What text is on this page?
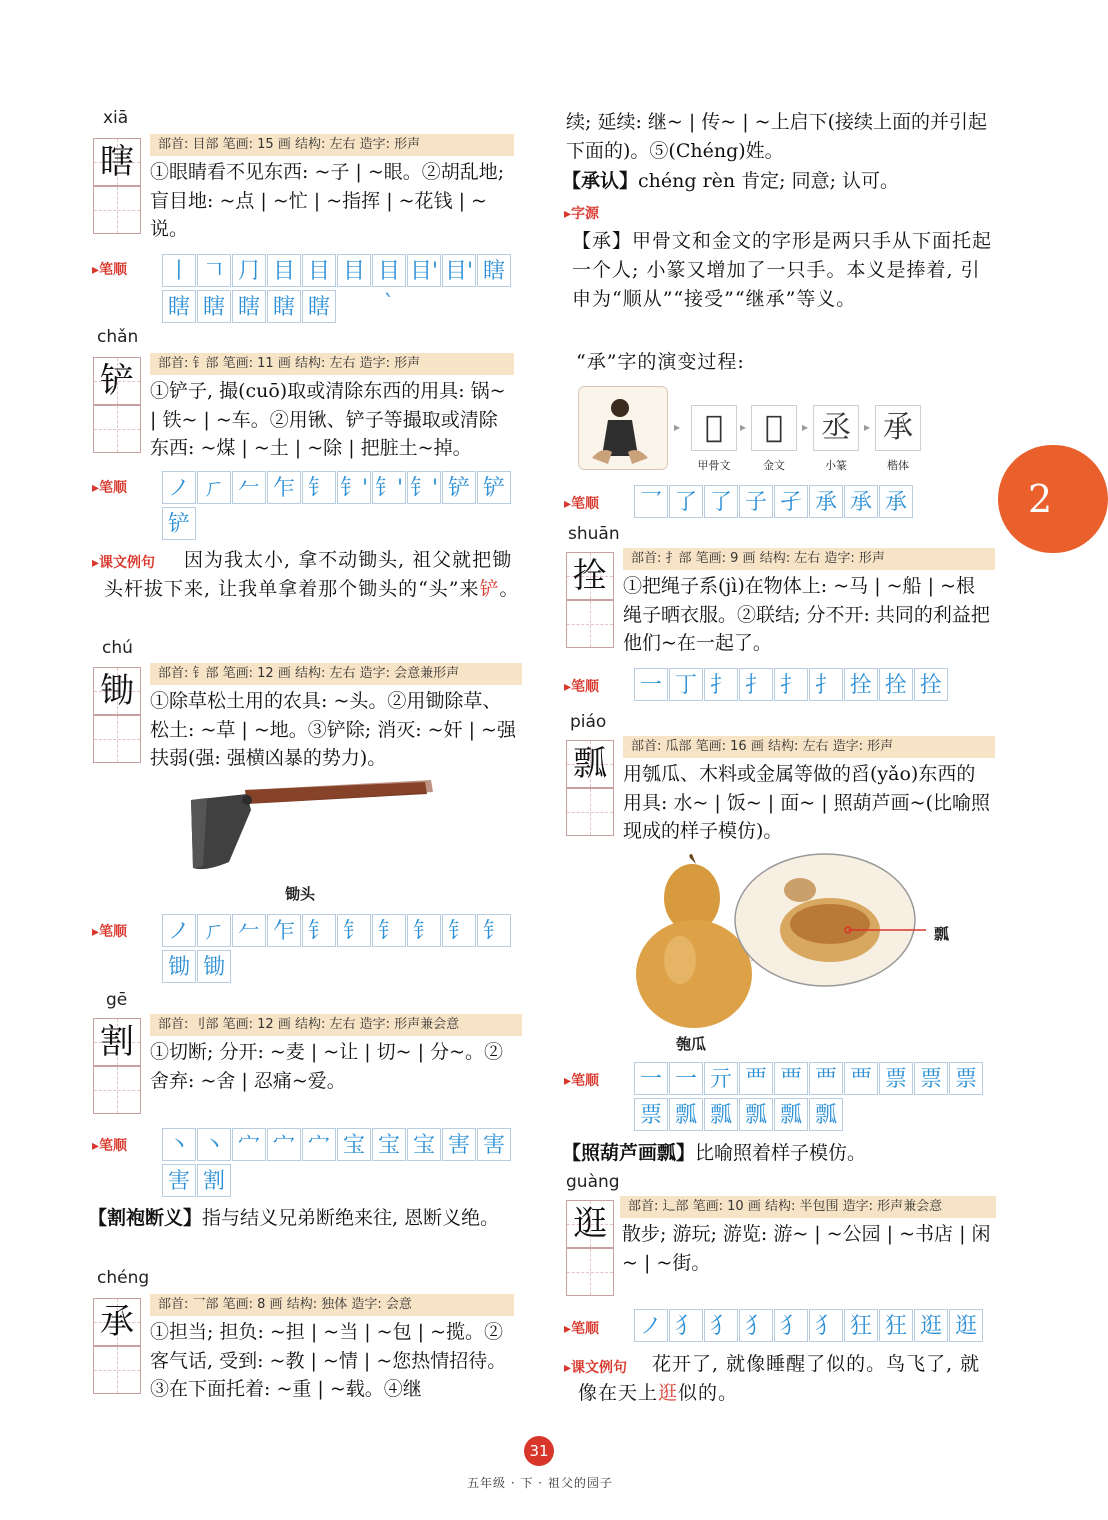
xiā
瞎	部首: 目部 笔画: 15 画 结构: 左右 造字: 形声
①眼睛看不见东西: ~子 | ~眼。②胡乱地; 盲目地: ~点 | ~忙 | ~指挥 | ~花钱 | ~说。
▸笔顺 丨 𠃍 ⺆ 目 目 目 目`
目' 目' 瞎
瞎 瞎 瞎 瞎 瞎
chǎn
铲	部首: 钅部 笔画: 11 画 结构: 左右 造字: 形声
①铲子, 撮(cuō)取或清除东西的用具: 锅~ | 铁~ | ~车。②用锹、铲子等撮取或清除东西: ~煤 | ~土 | ~除 | 把脏土~掉。
▸笔顺 ノ ㄏ 𠂉 乍 钅 钅' 钅' 钅' 铲 铲
铲
▸课文例句	因为我太小, 拿不动锄头, 祖父就把锄头杆拔下来, 让我单拿着那个锄头的“头”来铲。
chú
锄	部首: 钅部 笔画: 12 画 结构: 左右 造字: 会意兼形声
①除草松土用的农具: ~头。②用锄除草、松土: ~草 | ~地。③铲除; 消灭: ~奸 | ~强扶弱(强: 强横凶暴的势力)。
锄头
▸笔顺 ノ ㄏ 𠂉 乍 钅 钅 钅 钅 钅 钅
锄 锄
gē
割	部首: 刂部 笔画: 12 画 结构: 左右 造字: 形声兼会意
①切断; 分开: ~麦 | ~让 | 切~ | 分~。②舍弃: ~舍 | 忍痛~爱。
▸笔顺 丶 丶 宀 宀 宀 宝 宝 宝 害 害
害 割
【割袍断义】指与结义兄弟断绝来往, 恩断义绝。
chéng
承	部首: 乛部 笔画: 8 画 结构: 独体 造字: 会意
①担当; 担负: ~担 | ~当 | ~包 | ~揽。②客气话, 受到: ~教 | ~情 | ~您热情招待。③在下面托着: ~重 | ~载。④继
续; 延续: 继~ | 传~ | ~上启下(接续上面的并引起下面的)。⑤(Chéng)姓。
【承认】chéng rèn 肯定; 同意; 认可。
▸字源
【承】甲骨文和金文的字形是两只手从下面托起一个人; 小篆又增加了一只手。本义是捧着, 引申为“顺从”“接受”“继承”等义。
“承”字的演变过程:
▸ 𡦦
甲骨文
▸ 𡦦
金文
▸ 丞
小篆
▸ 承
楷体
▸笔顺 乛 了 了 子 孑 承 承 承
shuān
拴	部首: 扌部 笔画: 9 画 结构: 左右 造字: 形声
①把绳子系(jì)在物体上: ~马 | ~船 | ~根绳子晒衣服。②联结; 分不开: 共同的利益把他们~在一起了。
▸笔顺 一 丁 扌 扌 扌 扌 拴 拴 拴
piáo
瓢	部首: 瓜部 笔画: 16 画 结构: 左右 造字: 形声
用瓠瓜、木料或金属等做的舀(yǎo)东西的用具: 水~ | 饭~ | 面~ | 照葫芦画~(比喻照现成的样子模仿)。
瓢
匏瓜
▸笔顺 一 一 亓 覀 覀 覀 覀 票 票 票
票 瓢 瓢 瓢 瓢 瓢
【照葫芦画瓢】比喻照着样子模仿。
guàng
逛	部首: 辶部 笔画: 10 画 结构: 半包围 造字: 形声兼会意
散步; 游玩; 游览: 游~ | ~公园 | ~书店 | 闲~ | ~街。
▸笔顺 ノ 犭 犭 犭 犭 犭 狂 狂 逛 逛
▸课文例句	花开了, 就像睡醒了似的。鸟飞了, 就像在天上逛似的。
2
31
五年级 · 下 · 祖父的园子
